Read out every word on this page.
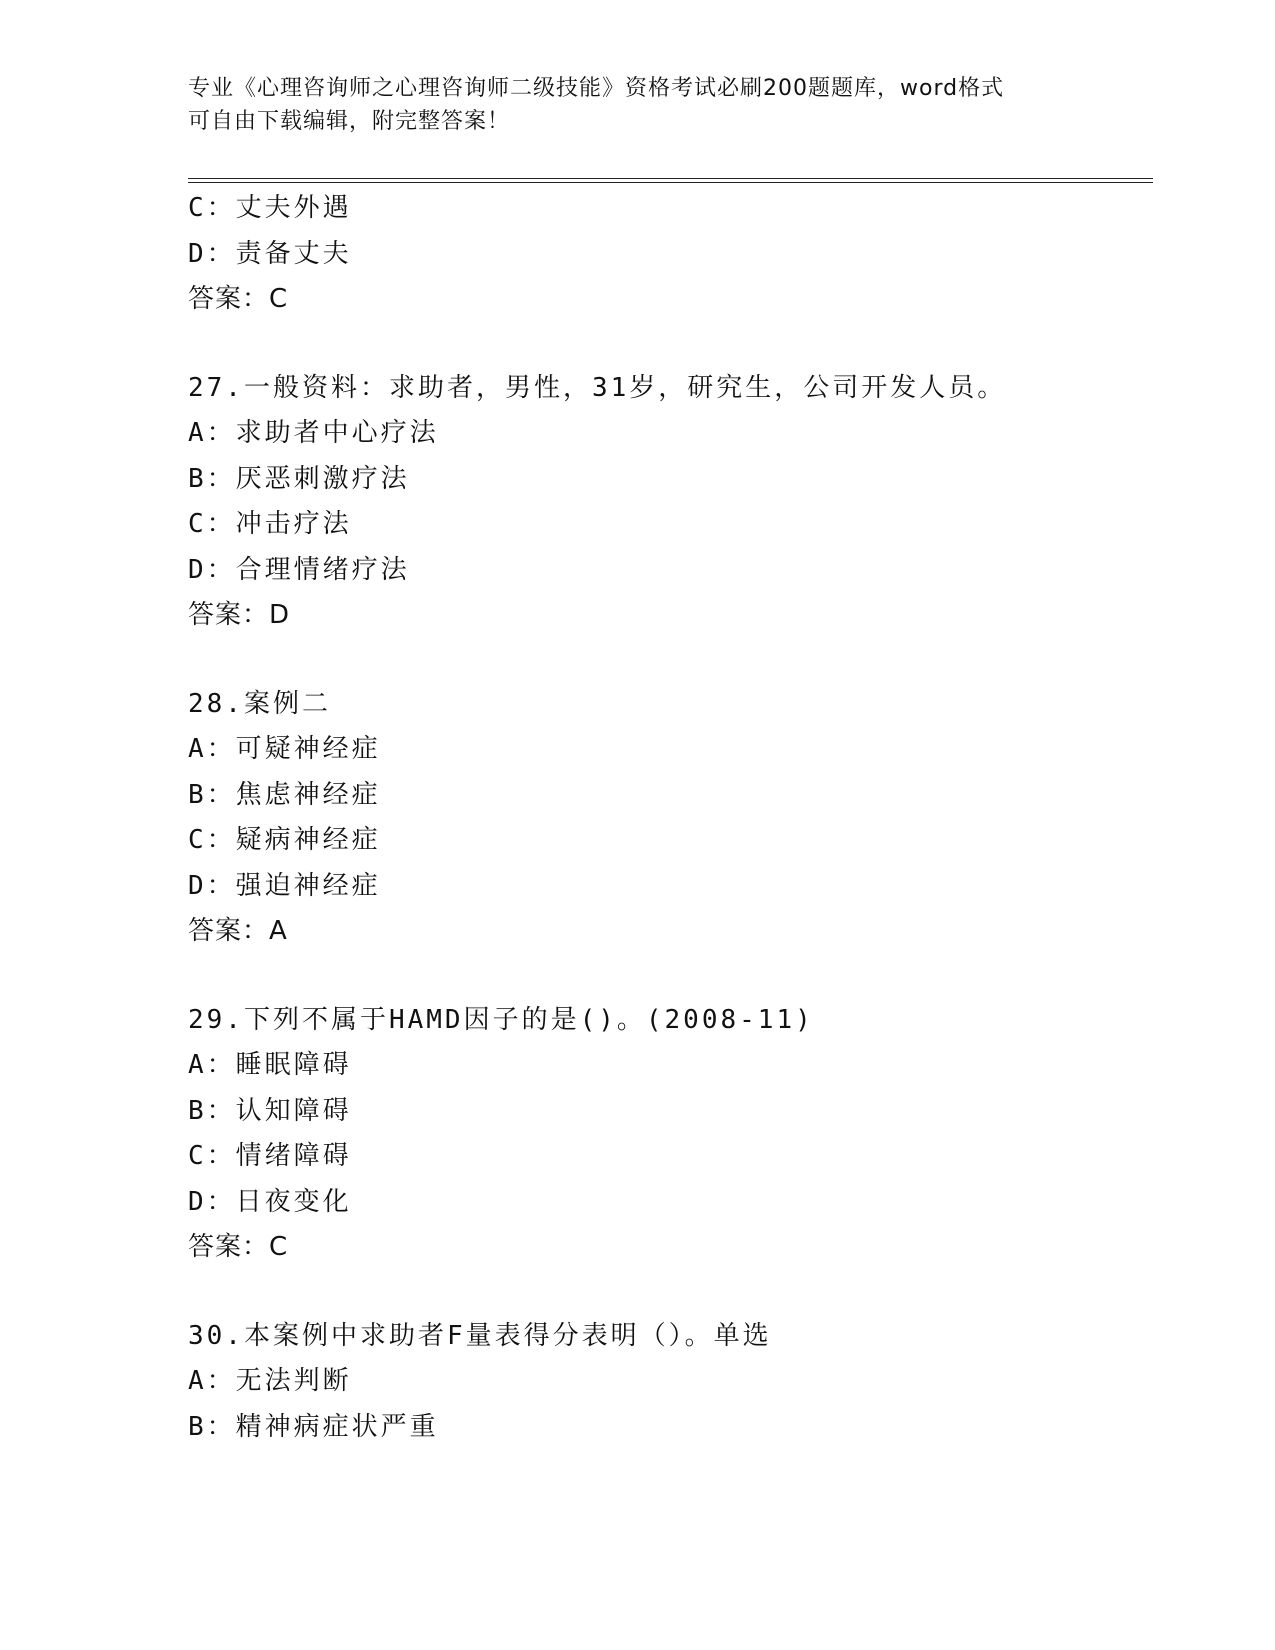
专业《心理咨询师之心理咨询师二级技能》资格考试必刷200题题库，word格式
可自由下载编辑，附完整答案！
C：丈夫外遇
D：责备丈夫
答案：C
27.一般资料：求助者，男性，31岁，研究生，公司开发人员。
A：求助者中心疗法
B：厌恶刺激疗法
C：冲击疗法
D：合理情绪疗法
答案：D
28.案例二
A：可疑神经症
B：焦虑神经症
C：疑病神经症
D：强迫神经症
答案：A
29.下列不属于HAMD因子的是()。(2008-11)
A：睡眠障碍
B：认知障碍
C：情绪障碍
D：日夜变化
答案：C
30.本案例中求助者F量表得分表明（）。单选
A：无法判断
B：精神病症状严重
